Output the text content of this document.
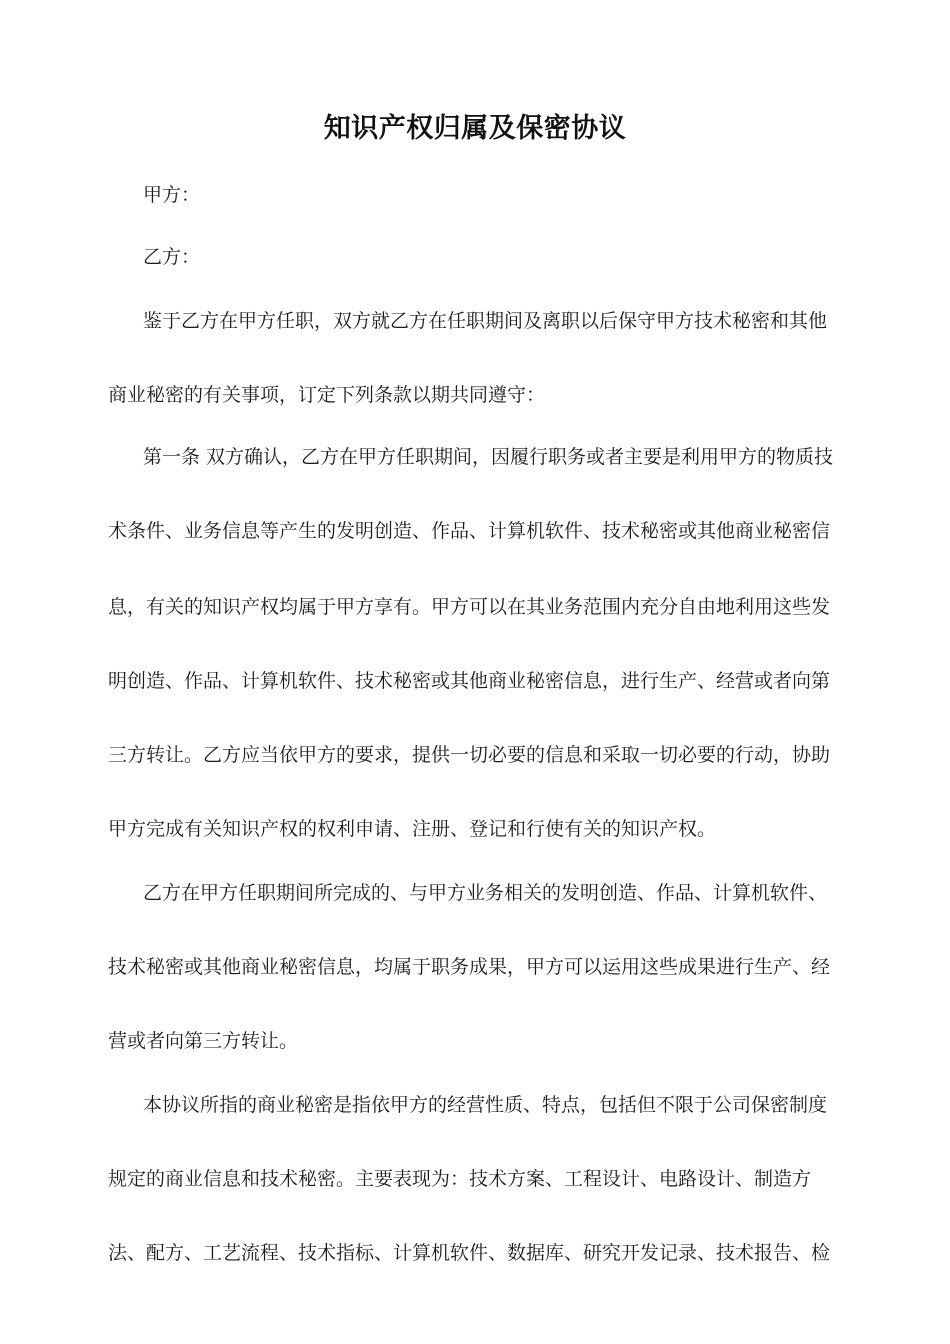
知识产权归属及保密协议
甲方：
乙方：
鉴于乙方在甲方任职，双方就乙方在任职期间及离职以后保守甲方技术秘密和其他
商业秘密的有关事项，订定下列条款以期共同遵守：
第一条 双方确认，乙方在甲方任职期间，因履行职务或者主要是利用甲方的物质技
术条件、业务信息等产生的发明创造、作品、计算机软件、技术秘密或其他商业秘密信
息，有关的知识产权均属于甲方享有。甲方可以在其业务范围内充分自由地利用这些发
明创造、作品、计算机软件、技术秘密或其他商业秘密信息，进行生产、经营或者向第
三方转让。乙方应当依甲方的要求，提供一切必要的信息和采取一切必要的行动，协助
甲方完成有关知识产权的权利申请、注册、登记和行使有关的知识产权。
乙方在甲方任职期间所完成的、与甲方业务相关的发明创造、作品、计算机软件、
技术秘密或其他商业秘密信息，均属于职务成果，甲方可以运用这些成果进行生产、经
营或者向第三方转让。
本协议所指的商业秘密是指依甲方的经营性质、特点，包括但不限于公司保密制度
规定的商业信息和技术秘密。主要表现为：技术方案、工程设计、电路设计、制造方
法、配方、工艺流程、技术指标、计算机软件、数据库、研究开发记录、技术报告、检
